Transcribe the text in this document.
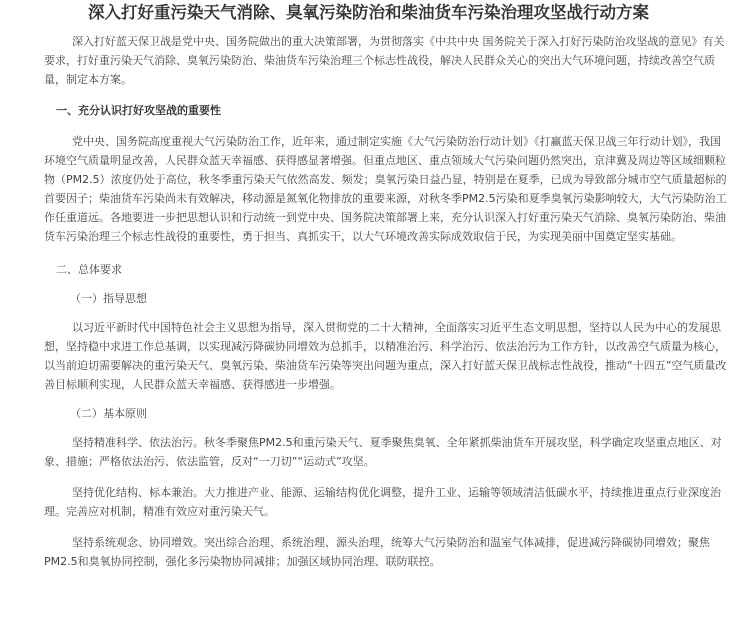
深入打好重污染天气消除、臭氧污染防治和柴油货车污染治理攻坚战行动方案

深入打好蓝天保卫战是党中央、国务院做出的重大决策部署，为贯彻落实《中共中央 国务院关于深入打好污染防治攻坚战的意见》有关要求，打好重污染天气消除、臭氧污染防治、柴油货车污染治理三个标志性战役，解决人民群众关心的突出大气环境问题，持续改善空气质量，制定本方案。

一、充分认识打好攻坚战的重要性

党中央、国务院高度重视大气污染防治工作，近年来，通过制定实施《大气污染防治行动计划》《打赢蓝天保卫战三年行动计划》，我国环境空气质量明显改善，人民群众蓝天幸福感、获得感显著增强。但重点地区、重点领域大气污染问题仍然突出，京津冀及周边等区域细颗粒物（PM2.5）浓度仍处于高位，秋冬季重污染天气依然高发、频发；臭氧污染日益凸显，特别是在夏季，已成为导致部分城市空气质量超标的首要因子；柴油货车污染尚未有效解决，移动源是氮氧化物排放的重要来源，对秋冬季PM2.5污染和夏季臭氧污染影响较大，大气污染防治工作任重道远。各地要进一步把思想认识和行动统一到党中央、国务院决策部署上来，充分认识深入打好重污染天气消除、臭氧污染防治、柴油货车污染治理三个标志性战役的重要性，勇于担当、真抓实干，以大气环境改善实际成效取信于民，为实现美丽中国奠定坚实基础。

二、总体要求

（一）指导思想

以习近平新时代中国特色社会主义思想为指导，深入贯彻党的二十大精神，全面落实习近平生态文明思想，坚持以人民为中心的发展思想，坚持稳中求进工作总基调，以实现减污降碳协同增效为总抓手，以精准治污、科学治污、依法治污为工作方针，以改善空气质量为核心，以当前迫切需要解决的重污染天气、臭氧污染、柴油货车污染等突出问题为重点，深入打好蓝天保卫战标志性战役，推动“十四五”空气质量改善目标顺利实现，人民群众蓝天幸福感、获得感进一步增强。

（二）基本原则

坚持精准科学、依法治污。秋冬季聚焦PM2.5和重污染天气、夏季聚焦臭氧、全年紧抓柴油货车开展攻坚，科学确定攻坚重点地区、对象、措施；严格依法治污、依法监管，反对“一刀切”“运动式”攻坚。

坚持优化结构、标本兼治。大力推进产业、能源、运输结构优化调整，提升工业、运输等领域清洁低碳水平，持续推进重点行业深度治理。完善应对机制，精准有效应对重污染天气。

坚持系统观念、协同增效。突出综合治理、系统治理、源头治理，统筹大气污染防治和温室气体减排，促进减污降碳协同增效；聚焦PM2.5和臭氧协同控制，强化多污染物协同减排；加强区域协同治理、联防联控。
